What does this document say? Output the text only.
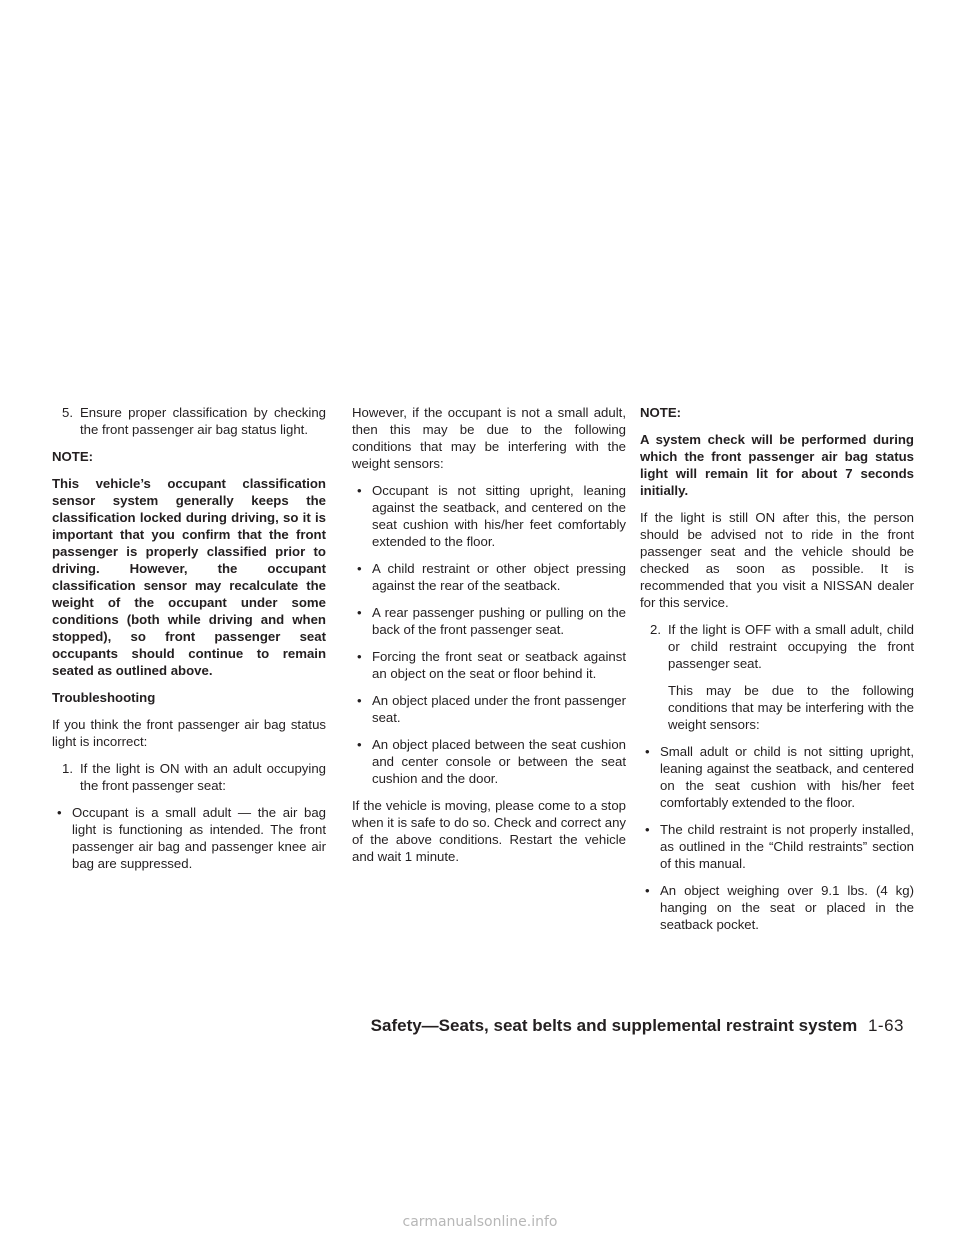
5. Ensure proper classification by checking the front passenger air bag status light.

NOTE:

This vehicle’s occupant classification sensor system generally keeps the classification locked during driving, so it is important that you confirm that the front passenger is properly classified prior to driving. However, the occupant classification sensor may recalculate the weight of the occupant under some conditions (both while driving and when stopped), so front passenger seat occupants should continue to remain seated as outlined above.

Troubleshooting

If you think the front passenger air bag status light is incorrect:

1. If the light is ON with an adult occupying the front passenger seat:
• Occupant is a small adult — the air bag light is functioning as intended. The front passenger air bag and passenger knee air bag are suppressed.

However, if the occupant is not a small adult, then this may be due to the following conditions that may be interfering with the weight sensors:

• Occupant is not sitting upright, leaning against the seatback, and centered on the seat cushion with his/her feet comfortably extended to the floor.
• A child restraint or other object pressing against the rear of the seatback.
• A rear passenger pushing or pulling on the back of the front passenger seat.
• Forcing the front seat or seatback against an object on the seat or floor behind it.
• An object placed under the front passenger seat.
• An object placed between the seat cushion and center console or between the seat cushion and the door.

If the vehicle is moving, please come to a stop when it is safe to do so. Check and correct any of the above conditions. Restart the vehicle and wait 1 minute.

NOTE:

A system check will be performed during which the front passenger air bag status light will remain lit for about 7 seconds initially.

If the light is still ON after this, the person should be advised not to ride in the front passenger seat and the vehicle should be checked as soon as possible. It is recommended that you visit a NISSAN dealer for this service.

2. If the light is OFF with a small adult, child or child restraint occupying the front passenger seat.

This may be due to the following conditions that may be interfering with the weight sensors:

• Small adult or child is not sitting upright, leaning against the seatback, and centered on the seat cushion with his/her feet comfortably extended to the floor.
• The child restraint is not properly installed, as outlined in the “Child restraints” section of this manual.
• An object weighing over 9.1 lbs. (4 kg) hanging on the seat or placed in the seatback pocket.
Safety—Seats, seat belts and supplemental restraint system 1-63
carmanualsonline.info
